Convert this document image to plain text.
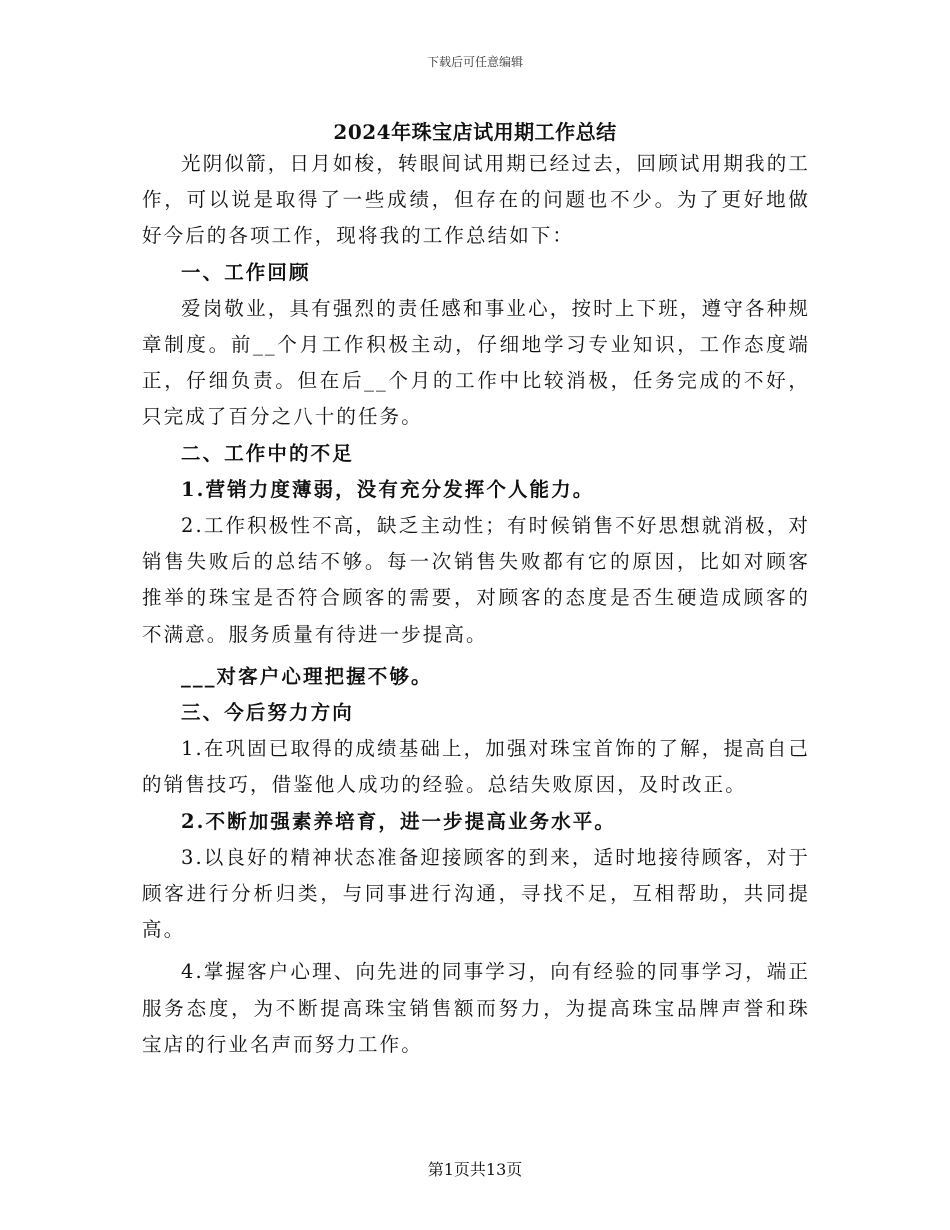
下载后可任意编辑
2024年珠宝店试用期工作总结

光阴似箭，日月如梭，转眼间试用期已经过去，回顾试用期我的工作，可以说是取得了一些成绩，但存在的问题也不少。为了更好地做好今后的各项工作，现将我的工作总结如下：

一、工作回顾

爱岗敬业，具有强烈的责任感和事业心，按时上下班，遵守各种规章制度。前__个月工作积极主动，仔细地学习专业知识，工作态度端正，仔细负责。但在后__个月的工作中比较消极，任务完成的不好，只完成了百分之八十的任务。

二、工作中的不足

1.营销力度薄弱，没有充分发挥个人能力。

2.工作积极性不高，缺乏主动性；有时候销售不好思想就消极，对销售失败后的总结不够。每一次销售失败都有它的原因，比如对顾客推举的珠宝是否符合顾客的需要，对顾客的态度是否生硬造成顾客的不满意。服务质量有待进一步提高。

___对客户心理把握不够。

三、今后努力方向

1.在巩固已取得的成绩基础上，加强对珠宝首饰的了解，提高自己的销售技巧，借鉴他人成功的经验。总结失败原因，及时改正。

2.不断加强素养培育，进一步提高业务水平。

3.以良好的精神状态准备迎接顾客的到来，适时地接待顾客，对于顾客进行分析归类，与同事进行沟通，寻找不足，互相帮助，共同提高。

4.掌握客户心理、向先进的同事学习，向有经验的同事学习，端正服务态度，为不断提高珠宝销售额而努力，为提高珠宝品牌声誉和珠宝店的行业名声而努力工作。

第1页共13页
